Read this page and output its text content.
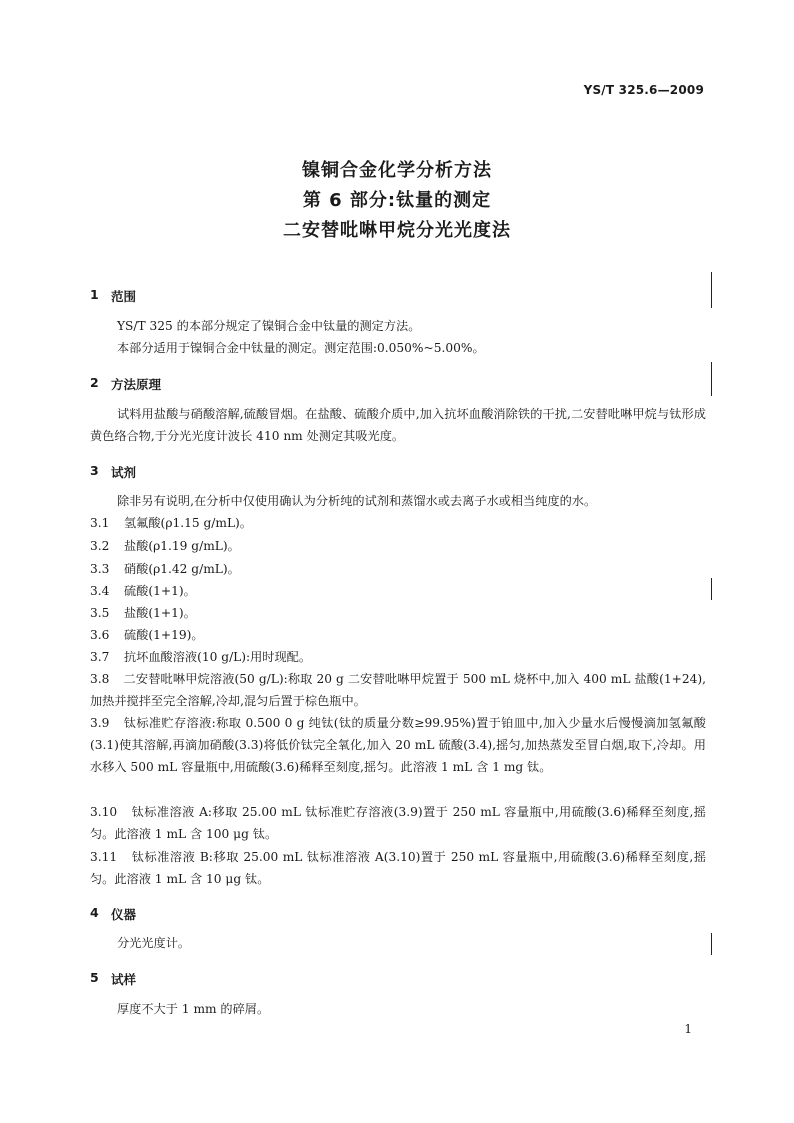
YS/T 325.6—2009
镍铜合金化学分析方法
第 6 部分:钛量的测定
二安替吡啉甲烷分光光度法
1 范围
YS/T 325 的本部分规定了镍铜合金中钛量的测定方法。
本部分适用于镍铜合金中钛量的测定。测定范围:0.050%~5.00%。
2 方法原理
试料用盐酸与硝酸溶解,硫酸冒烟。在盐酸、硫酸介质中,加入抗坏血酸消除铁的干扰,二安替吡啉甲烷与钛形成黄色络合物,于分光光度计波长 410 nm 处测定其吸光度。
3 试剂
除非另有说明,在分析中仅使用确认为分析纯的试剂和蒸馏水或去离子水或相当纯度的水。
3.1 氢氟酸(ρ1.15 g/mL)。
3.2 盐酸(ρ1.19 g/mL)。
3.3 硝酸(ρ1.42 g/mL)。
3.4 硫酸(1+1)。
3.5 盐酸(1+1)。
3.6 硫酸(1+19)。
3.7 抗坏血酸溶液(10 g/L):用时现配。
3.8 二安替吡啉甲烷溶液(50 g/L):称取 20 g 二安替吡啉甲烷置于 500 mL 烧杯中,加入 400 mL 盐酸(1+24),加热并搅拌至完全溶解,冷却,混匀后置于棕色瓶中。
3.9 钛标准贮存溶液:称取 0.500 0 g 纯钛(钛的质量分数≥99.95%)置于铂皿中,加入少量水后慢慢滴加氢氟酸(3.1)使其溶解,再滴加硝酸(3.3)将低价钛完全氧化,加入 20 mL 硫酸(3.4),摇匀,加热蒸发至冒白烟,取下,冷却。用水移入 500 mL 容量瓶中,用硫酸(3.6)稀释至刻度,摇匀。此溶液 1 mL 含 1 mg 钛。
3.10 钛标准溶液 A:移取 25.00 mL 钛标准贮存溶液(3.9)置于 250 mL 容量瓶中,用硫酸(3.6)稀释至刻度,摇匀。此溶液 1 mL 含 100 μg 钛。
3.11 钛标准溶液 B:移取 25.00 mL 钛标准溶液 A(3.10)置于 250 mL 容量瓶中,用硫酸(3.6)稀释至刻度,摇匀。此溶液 1 mL 含 10 μg 钛。
4 仪器
分光光度计。
5 试样
厚度不大于 1 mm 的碎屑。
1
